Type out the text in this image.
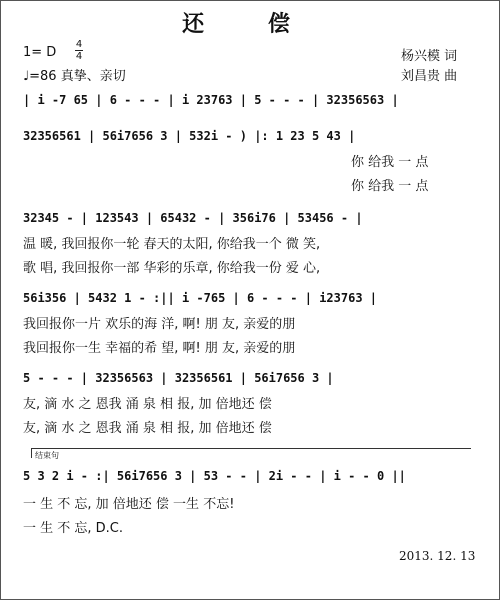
还 偿
1= D
4
4
♩=86 真挚、亲切
杨兴模 词
刘昌贵 曲
| i -7 65 | 6 - - - | i 23763 | 5 - - - | 32356563 |
32356561 | 56i7656 3 | 532i - ) |: 1 23 5 43 |
你 给我 一 点
你 给我 一 点
32345 - | 123543 | 65432 - | 356i76 | 53456 - |
温 暖, 我回报你一轮 春天的太阳, 你给我一个 微 笑,
歌 唱, 我回报你一部 华彩的乐章, 你给我一份 爱 心,
56i356 | 5432 1 - :|| i -765 | 6 - - - | i23763 |
我回报你一片 欢乐的海 洋, 啊! 朋 友, 亲爱的朋
我回报你一生 幸福的希 望, 啊! 朋 友, 亲爱的朋
5 - - - | 32356563 | 32356561 | 56i7656 3 |
友, 滴 水 之 恩我 涌 泉 相 报, 加 倍地还 偿
友, 滴 水 之 恩我 涌 泉 相 报, 加 倍地还 偿
结束句
5 3 2 i - :| 56i7656 3 | 53 - - | 2i - - | i - - 0 ||
一 生 不 忘, 加 倍地还 偿 一生 不忘!
一 生 不 忘, D.C.
2013. 12. 13
